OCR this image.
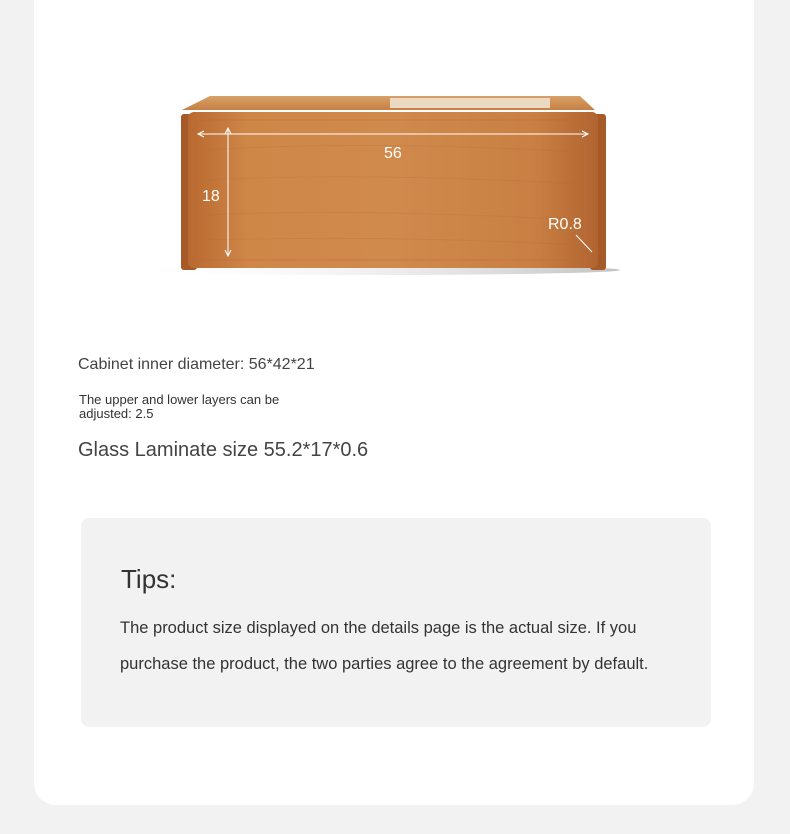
56
18
R0.8
Cabinet inner diameter: 56*42*21
The upper and lower layers can be adjusted: 2.5
Glass Laminate size 55.2*17*0.6
Tips:
The product size displayed on the details page is the actual size. If you purchase the product, the two parties agree to the agreement by default.
